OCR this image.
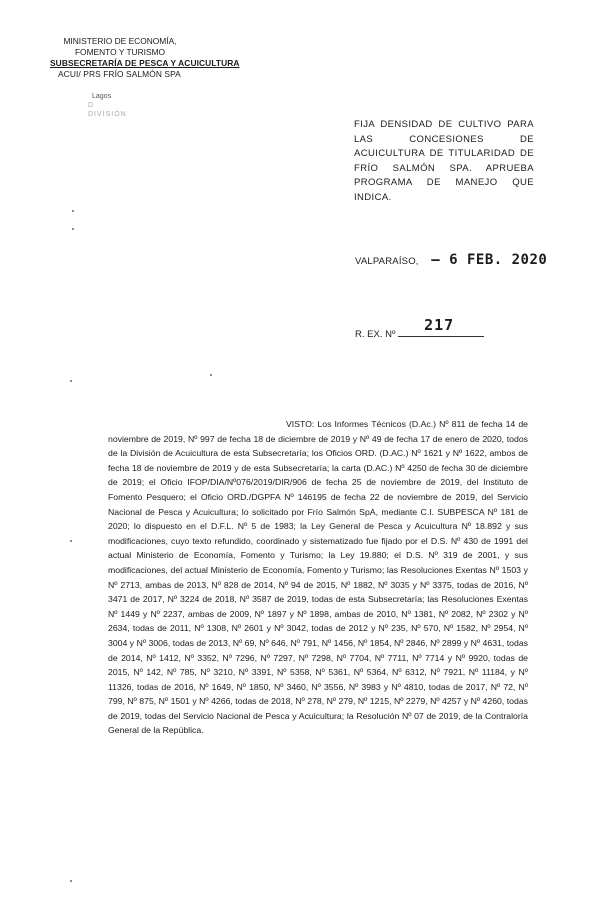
MINISTERIO DE ECONOMÍA,
FOMENTO Y TURISMO
SUBSECRETARÍA DE PESCA Y ACUICULTURA
ACUI/ PRS FRÍO SALMÓN SPA
Lagos
D
DIVISIÓN
FIJA DENSIDAD DE CULTIVO PARA LAS CONCESIONES DE ACUICULTURA DE TITULARIDAD DE FRÍO SALMÓN SPA. APRUEBA PROGRAMA DE MANEJO QUE INDICA.
VALPARAÍSO, – 6 FEB. 2020
R. EX. Nº
217
VISTO: Los Informes Técnicos (D.Ac.) Nº 811 de fecha 14 de noviembre de 2019, Nº 997 de fecha 18 de diciembre de 2019 y Nº 49 de fecha 17 de enero de 2020, todos de la División de Acuicultura de esta Subsecretaría; los Oficios ORD. (D.AC.) Nº 1621 y Nº 1622, ambos de fecha 18 de noviembre de 2019 y de esta Subsecretaría; la carta (D.AC.) Nº 4250 de fecha 30 de diciembre de 2019; el Oficio IFOP/DIA/Nº076/2019/DIR/906 de fecha 25 de noviembre de 2019, del Instituto de Fomento Pesquero; el Oficio ORD./DGPFA Nº 146195 de fecha 22 de noviembre de 2019, del Servicio Nacional de Pesca y Acuicultura; lo solicitado por Frío Salmón SpA, mediante C.I. SUBPESCA Nº 181 de 2020; lo dispuesto en el D.F.L. Nº 5 de 1983; la Ley General de Pesca y Acuicultura Nº 18.892 y sus modificaciones, cuyo texto refundido, coordinado y sistematizado fue fijado por el D.S. Nº 430 de 1991 del actual Ministerio de Economía, Fomento y Turismo; la Ley 19.880; el D.S. Nº 319 de 2001, y sus modificaciones, del actual Ministerio de Economía, Fomento y Turismo; las Resoluciones Exentas Nº 1503 y Nº 2713, ambas de 2013, Nº 828 de 2014, Nº 94 de 2015, Nº 1882, Nº 3035 y Nº 3375, todas de 2016, Nº 3471 de 2017, Nº 3224 de 2018, Nº 3587 de 2019, todas de esta Subsecretaría; las Resoluciones Exentas Nº 1449 y Nº 2237, ambas de 2009, Nº 1897 y Nº 1898, ambas de 2010, Nº 1381, Nº 2082, Nº 2302 y Nº 2634, todas de 2011, Nº 1308, Nº 2601 y Nº 3042, todas de 2012 y Nº 235, Nº 570, Nº 1582, Nº 2954, Nº 3004 y Nº 3006, todas de 2013, Nº 69, Nº 646, Nº 791, Nº 1456, Nº 1854, Nº 2846, Nº 2899 y Nº 4631, todas de 2014, Nº 1412, Nº 3352, Nº 7296, Nº 7297, Nº 7298, Nº 7704, Nº 7711, Nº 7714 y Nº 9920, todas de 2015, Nº 142, Nº 785, Nº 3210, Nº 3391, Nº 5358, Nº 5361, Nº 5364, Nº 6312, Nº 7921, Nº 11184, y Nº 11326, todas de 2016, Nº 1649, Nº 1850, Nº 3460, Nº 3556, Nº 3983 y Nº 4810, todas de 2017, Nº 72, Nº 799, Nº 875, Nº 1501 y Nº 4266, todas de 2018, Nº 278, Nº 279, Nº 1215, Nº 2279, Nº 4257 y Nº 4260, todas de 2019, todas del Servicio Nacional de Pesca y Acuicultura; la Resolución Nº 07 de 2019, de la Contraloría General de la República.
